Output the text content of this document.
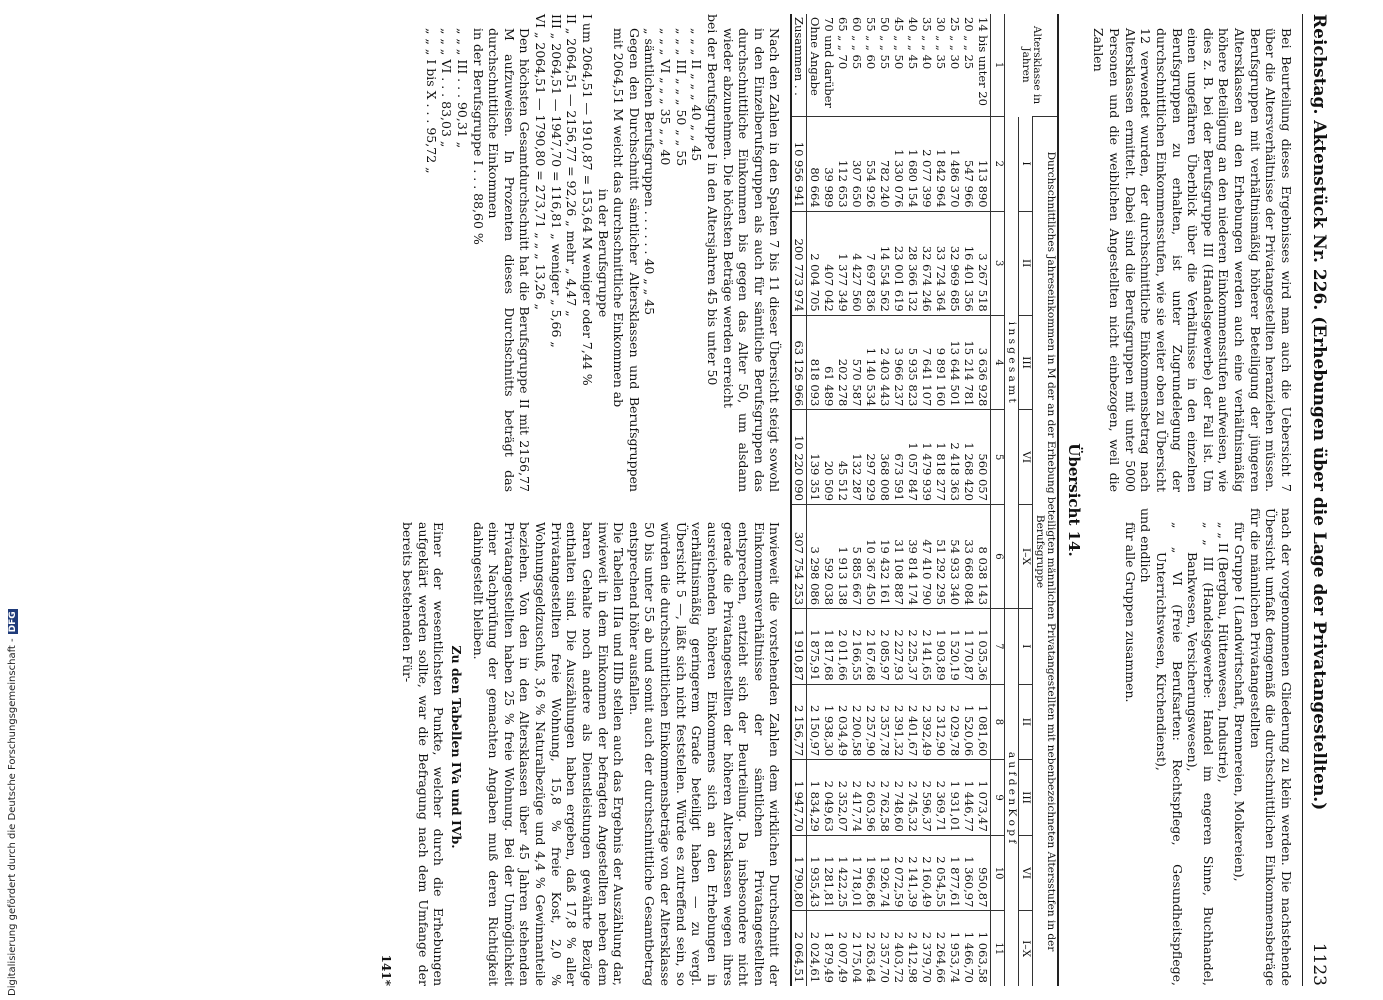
Reichstag. Aktenstück Nr. 226. (Erhebungen über die Lage der Privatangestellten.)
1123
Bei Beurteilung dieses Ergebnisses wird man auch die Uebersicht 7 über die Altersverhältnisse der Privatangestellten heranziehen müssen. Berufsgruppen mit verhältnismäßig höherer Beteiligung der jüngeren Altersklassen an den Erhebungen werden auch eine verhältnismäßig höhere Beteiligung an den niederen Einkommensstufen aufweisen, wie dies z. B. bei der Berufsgruppe III (Handelsgewerbe) der Fall ist. Um einen ungefähren Überblick über die Verhältnisse in den einzelnen Berufsgruppen zu erhalten, ist unter Zugrundelegung der durchschnittlichen Einkommensstufen, wie sie weiter oben zu Übersicht 12 verwendet wurden, der durchschnittliche Einkommensbetrag nach Altersklassen ermittelt. Dabei sind die Berufsgruppen mit unter 5000 Personen und die weiblichen Angestellten nicht einbezogen, weil die Zahlen
nach der vorgenommenen Gliederung zu klein werden. Die nachstehende Übersicht umfaßt demgemäß die durchschnittlichen Einkommensbeträge für die männlichen Privatangestellten
für Gruppe I (Landwirtschaft, Brennereien, Molkereien),
„ „ II (Bergbau, Hüttenwesen, Industrie),
„ „ III (Handelsgewerbe: Handel im engeren Sinne, Buchhandel, Bankwesen, Versicherungswesen),
„ „ VI (Freie Berufsarten: Rechtspflege, Gesundheitspflege, Unterrichtswesen, Kirchendienst),
und endlich
für alle Gruppen zusammen.
Übersicht 14.
Altersklasse in Jahren	Durchschnittliches Jahreseinkommen in M der an der Erhebung beteiligten männlichen Privatangestellten mit nebenbezeichneten Altersstufen in der Berufsgruppe									
	I	II	III	VI	I–X	I	II	III	VI	I–X
	i n s g e s a m t					a u f d e n K o p f				
1	2	3	4	5	6	7	8	9	10	11
14 bis unter 20	113 890	3 267 518	3 636 928	560 057	8 038 143	1 035,36	1 081,60	1 073,47	950,87	1 063,58
20 „ „ 25	547 966	16 401 356	15 214 781	1 268 420	33 668 084	1 170,87	1 520,06	1 446,77	1 360,97	1 466,70
25 „ „ 30	1 486 370	32 969 685	13 644 501	2 418 363	54 933 340	1 520,19	2 029,78	1 931,01	1 877,61	1 953,74
30 „ „ 35	1 842 964	33 724 364	9 891 160	1 818 277	51 292 295	1 903,89	2 312,90	2 369,71	2 054,55	2 264,66
35 „ „ 40	2 077 399	32 674 246	7 641 107	1 479 939	47 410 790	2 141,65	2 392,49	2 596,37	2 160,49	2 379,70
40 „ „ 45	1 680 154	28 366 132	5 935 823	1 057 847	39 814 174	2 225,37	2 401,67	2 745,32	2 141,39	2 412,98
45 „ „ 50	1 330 076	23 001 619	3 966 237	673 591	31 108 887	2 227,93	2 391,32	2 748,60	2 072,59	2 403,72
50 „ „ 55	782 240	14 554 562	2 403 443	368 008	19 432 161	2 085,97	2 357,78	2 762,58	1 926,74	2 357,70
55 „ „ 60	554 926	7 697 836	1 140 534	297 929	10 367 450	2 167,68	2 257,90	2 603,96	1 966,86	2 263,64
60 „ „ 65	307 650	4 427 560	570 587	132 287	5 885 667	2 166,55	2 200,58	2 417,74	1 718,01	2 175,04
65 „ „ 70	112 653	1 377 349	202 278	45 512	1 913 138	2 011,66	2 034,49	2 352,07	1 422,25	2 007,49
70 und darüber	39 989	407 042	61 489	20 509	592 038	1 817,68	1 938,30	2 049,63	1 281,81	1 879,49
Ohne Angabe	80 664	2 004 705	818 093	139 351	3 298 086	1 875,91	2 150,97	1 834,29	1 935,43	2 024,61
Zusammen . .	10 956 941	200 773 974	63 126 966	10 220 090	307 754 253	1 910,87	2 156,77	1 947,70	1 790,80	2 064,51
Nach den Zahlen in den Spalten 7 bis 11 dieser Übersicht steigt sowohl in den Einzelberufsgruppen als auch für sämtliche Berufsgruppen das durchschnittliche Einkommen bis gegen das Alter 50, um alsdann wieder abzunehmen. Die höchsten Beträge werden erreicht
bei der Berufsgruppe I in den Altersjahren 45 bis unter 50
„ „ „ II „ „ „ 40 „ „ 45
„ „ „ III „ „ „ 50 „ „ 55
„ „ „ VI „ „ „ 35 „ „ 40
„ sämtlichen Berufsgruppen . . . . . . 40 „ „ 45
Gegen den Durchschnitt sämtlicher Altersklassen und Berufsgruppen mit 2064,51 M weicht das durchschnittliche Einkommen ab
in der Berufsgruppe
I um 2064,51 — 1910,87 = 153,64 M weniger oder 7,44 %
II „ 2064,51 — 2156,77 = 92,26 „ mehr „ 4,47 „
III „ 2064,51 — 1947,70 = 116,81 „ weniger „ 5,66 „
VI „ 2064,51 — 1790,80 = 273,71 „ „ „ 13,26 „
Den höchsten Gesamtdurchschnitt hat die Berufsgruppe II mit 2156,77 M aufzuweisen. In Prozenten dieses Durchschnitts beträgt das durchschnittliche Einkommen
in der Berufsgruppe I . . . 88,60 %
„ „ „ III . . . 90,31 „
„ „ „ VI . . . 83,03 „
„ „ „ I bis X . . . 95,72 „
Inwieweit die vorstehenden Zahlen dem wirklichen Durchschnitt der Einkommensverhältnisse der sämtlichen Privatangestellten entsprechen, entzieht sich der Beurteilung. Da insbesondere nicht gerade die Privatangestellten der höheren Altersklassen wegen ihres ausreichenden höheren Einkommens sich an den Erhebungen in verhältnismäßig geringerem Grade beteiligt haben — zu vergl. Übersicht 5 —, läßt sich nicht feststellen. Würde es zutreffend sein, so würden die durchschnittlichen Einkommensbeträge von der Altersklasse 50 bis unter 55 ab und somit auch der durchschnittliche Gesamtbetrag entsprechend höher ausfallen.
Die Tabellen IIIa und IIIb stellen auch das Ergebnis der Auszählung dar, inwieweit in dem Einkommen der befragten Angestellten neben dem baren Gehalte noch andere als Dienstleistungen gewährte Bezüge enthalten sind. Die Auszählungen haben ergeben, daß 17,8 % aller Privatangestellten freie Wohnung, 15,8 % freie Kost, 2,0 % Wohnungsgeldzuschuß, 3,6 % Naturalbezüge und 4,4 % Gewinnanteile beziehen. Von den in den Altersklassen über 45 Jahren stehenden Privatangestellten haben 25 % freie Wohnung. Bei der Unmöglichkeit einer Nachprüfung der gemachten Angaben muß deren Richtigkeit dahingestellt bleiben.
Zu den Tabellen IVa und IVb.
Einer der wesentlichsten Punkte, welcher durch die Erhebungen aufgeklärt werden sollte, war die Befragung nach dem Umfange der bereits bestehenden Für-
141*
Digitalisierung gefördert durch die Deutsche Forschungsgemeinschaft -DFG
